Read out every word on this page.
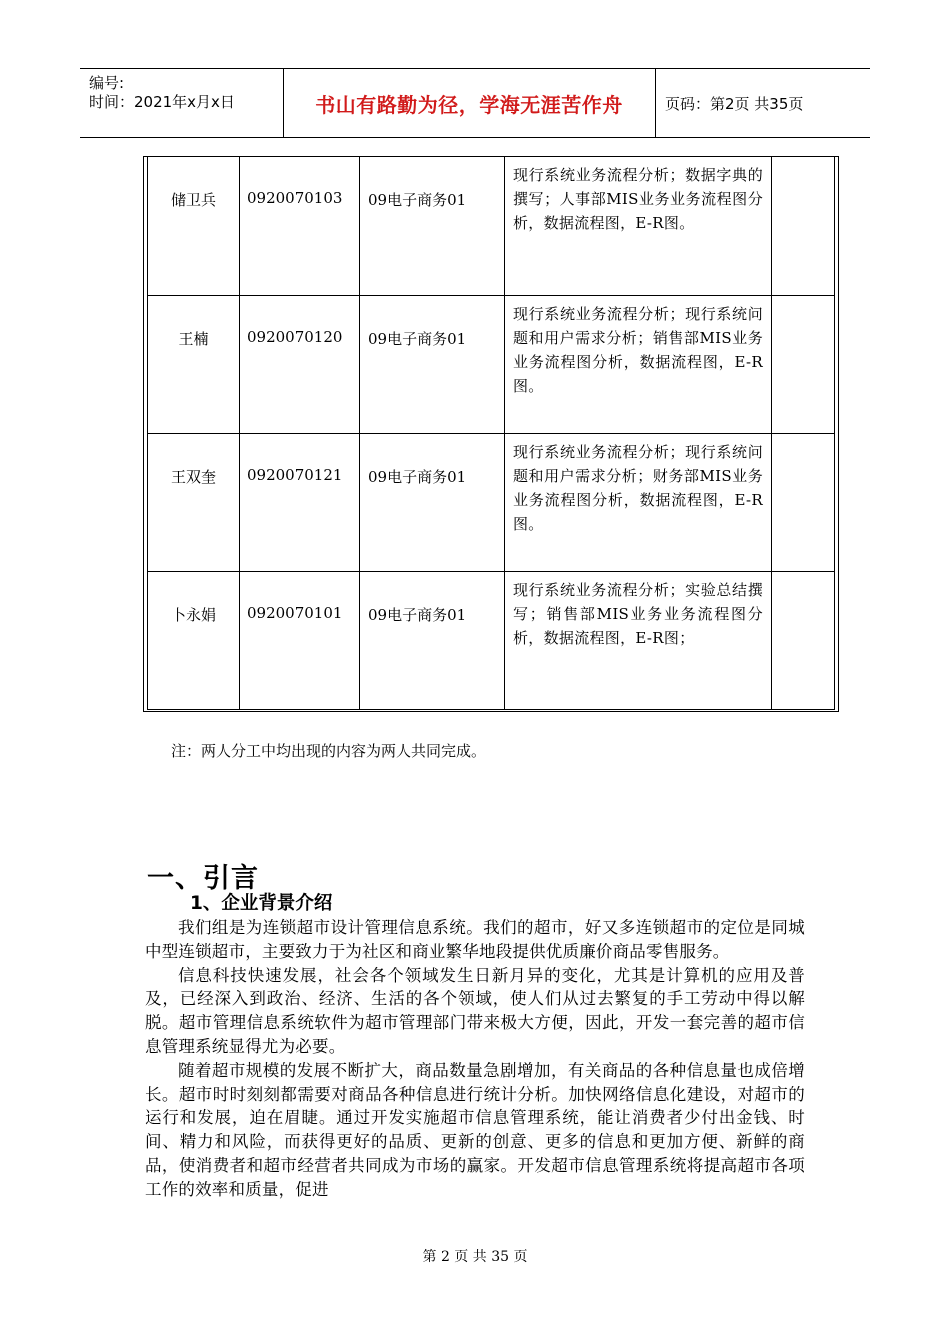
编号:
时间：2021年x月x日	书山有路勤为径，学海无涯苦作舟	页码：第2页 共35页
储卫兵	0920070103	09电子商务01	现行系统业务流程分析；数据字典的撰写；人事部MIS业务业务流程图分析，数据流程图，E-R图。	
王楠	0920070120	09电子商务01	现行系统业务流程分析；现行系统问题和用户需求分析；销售部MIS业务业务流程图分析，数据流程图，E-R图。	
王双奎	0920070121	09电子商务01	现行系统业务流程分析；现行系统问题和用户需求分析；财务部MIS业务业务流程图分析，数据流程图，E-R图。	
卜永娟	0920070101	09电子商务01	现行系统业务流程分析；实验总结撰写；销售部MIS业务业务流程图分析，数据流程图，E-R图；	
注：两人分工中均出现的内容为两人共同完成。
一、引言
1、企业背景介绍

我们组是为连锁超市设计管理信息系统。我们的超市，好又多连锁超市的定位是同城中型连锁超市，主要致力于为社区和商业繁华地段提供优质廉价商品零售服务。

信息科技快速发展，社会各个领域发生日新月异的变化，尤其是计算机的应用及普及，已经深入到政治、经济、生活的各个领域，使人们从过去繁复的手工劳动中得以解脱。超市管理信息系统软件为超市管理部门带来极大方便，因此，开发一套完善的超市信息管理系统显得尤为必要。

随着超市规模的发展不断扩大，商品数量急剧增加，有关商品的各种信息量也成倍增长。超市时时刻刻都需要对商品各种信息进行统计分析。加快网络信息化建设，对超市的运行和发展，迫在眉睫。通过开发实施超市信息管理系统，能让消费者少付出金钱、时间、精力和风险，而获得更好的品质、更新的创意、更多的信息和更加方便、新鲜的商品，使消费者和超市经营者共同成为市场的赢家。开发超市信息管理系统将提高超市各项工作的效率和质量，促进

第 2 页 共 35 页
